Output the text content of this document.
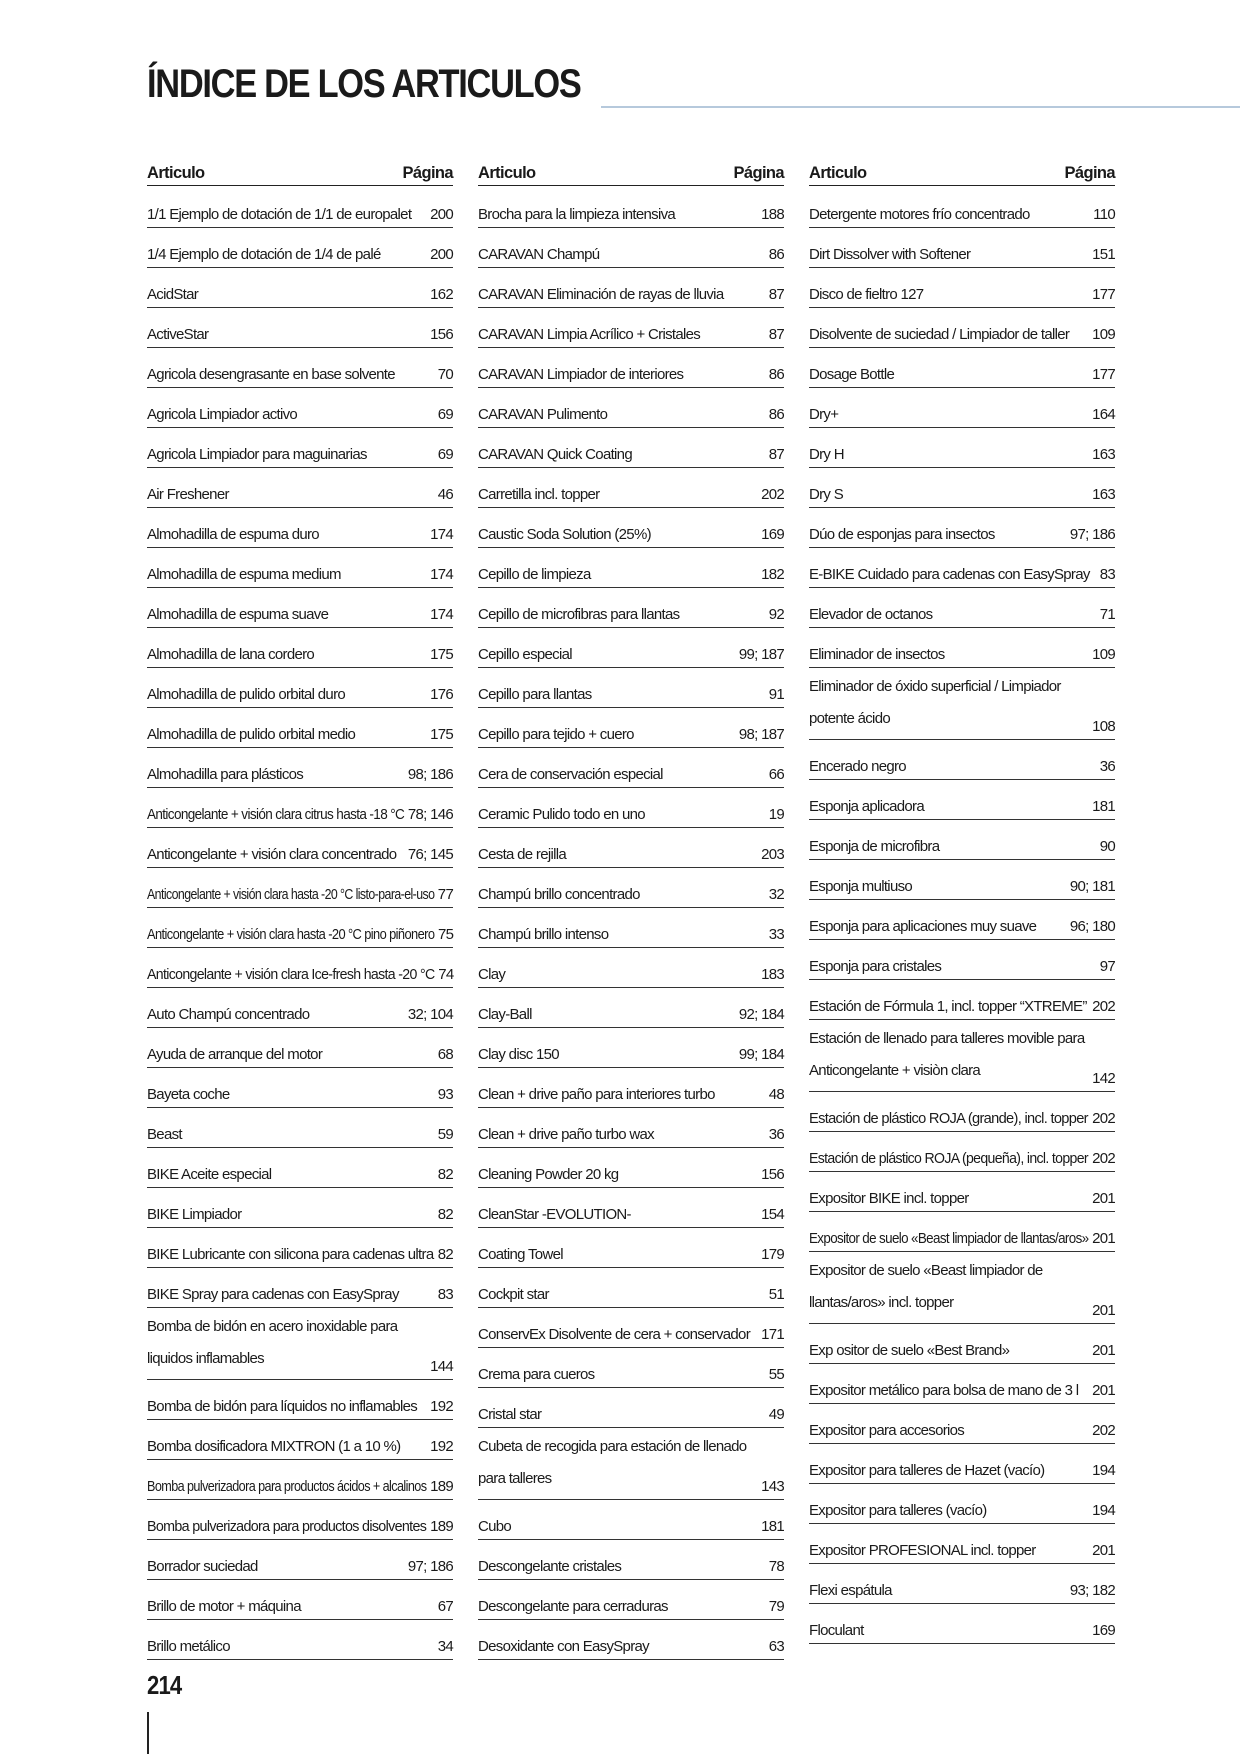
ÍNDICE DE LOS ARTICULOS
Articulo	Página
1/1 Ejemplo de dotación de 1/1 de europalet 200
1/4 Ejemplo de dotación de 1/4 de palé	200
AcidStar	162
ActiveStar	156
Agricola desengrasante en base solvente	70
Agricola Limpiador activo	69
Agricola Limpiador para maguinarias	69
Air Freshener	46
Almohadilla de espuma duro	174
Almohadilla de espuma medium	174
Almohadilla de espuma suave	174
Almohadilla de lana cordero	175
Almohadilla de pulido orbital duro	176
Almohadilla de pulido orbital medio	175
Almohadilla para plásticos	98; 186
Anticongelante + visión clara citrus hasta -18 °C 78; 146
Anticongelante + visión clara concentrado 76; 145
Anticongelante + visión clara hasta -20 °C listo-para-el-uso 77
Anticongelante + visión clara hasta -20 °C pino piñonero 75
Anticongelante + visión clara Ice-fresh hasta -20 °C 74
Auto Champú concentrado	32; 104
Ayuda de arranque del motor	68
Bayeta coche	93
Beast	59
BIKE Aceite especial	82
BIKE Limpiador	82
BIKE Lubricante con silicona para cadenas ultra 82
BIKE Spray para cadenas con EasySpray	83
Bomba de bidón en acero inoxidable para liquidos inflamables	144
Bomba de bidón para líquidos no inflamables 192
Bomba dosificadora MIXTRON (1 a 10 %) 192
Bomba pulverizadora para productos ácidos + alcalinos 189
Bomba pulverizadora para productos disolventes 189
Borrador suciedad	97; 186
Brillo de motor + máquina	67
Brillo metálico	34
Articulo	Página
Brocha para la limpieza intensiva	188
CARAVAN Champú	86
CARAVAN Eliminación de rayas de lluvia	87
CARAVAN Limpia Acrílico + Cristales	87
CARAVAN Limpiador de interiores	86
CARAVAN Pulimento	86
CARAVAN Quick Coating	87
Carretilla incl. topper	202
Caustic Soda Solution (25%)	169
Cepillo de limpieza	182
Cepillo de microfibras para llantas	92
Cepillo especial	99; 187
Cepillo para llantas	91
Cepillo para tejido + cuero	98; 187
Cera de conservación especial	66
Ceramic Pulido todo en uno	19
Cesta de rejilla	203
Champú brillo concentrado	32
Champú brillo intenso	33
Clay	183
Clay-Ball	92; 184
Clay disc 150	99; 184
Clean + drive paño para interiores turbo	48
Clean + drive paño turbo wax	36
Cleaning Powder 20 kg	156
CleanStar -EVOLUTION-	154
Coating Towel	179
Cockpit star	51
ConservEx Disolvente de cera + conservador 171
Crema para cueros	55
Cristal star	49
Cubeta de recogida para estación de llenado para talleres	143
Cubo	181
Descongelante cristales	78
Descongelante para cerraduras	79
Desoxidante con EasySpray	63
Articulo	Página
Detergente motores frío concentrado	110
Dirt Dissolver with Softener	151
Disco de fieltro 127	177
Disolvente de suciedad / Limpiador de taller 109
Dosage Bottle	177
Dry+	164
Dry H	163
Dry S	163
Dúo de esponjas para insectos	97; 186
E-BIKE Cuidado para cadenas con EasySpray 83
Elevador de octanos	71
Eliminador de insectos	109
Eliminador de óxido superficial / Limpiador potente ácido	108
Encerado negro	36
Esponja aplicadora	181
Esponja de microfibra	90
Esponja multiuso	90; 181
Esponja para aplicaciones muy suave 96; 180
Esponja para cristales	97
Estación de Fórmula 1, incl. topper “XTREME” 202
Estación de llenado para talleres movible para Anticongelante + visiòn clara	142
Estación de plástico ROJA (grande), incl. topper 202
Estación de plástico ROJA (pequeña), incl. topper 202
Expositor BIKE incl. topper	201
Expositor de suelo «Beast limpiador de llantas/aros» 201
Expositor de suelo «Beast limpiador de llantas/aros» incl. topper	201
Exp ositor de suelo «Best Brand»	201
Expositor metálico para bolsa de mano de 3 l 201
Expositor para accesorios	202
Expositor para talleres de Hazet (vacío)	194
Expositor para talleres (vacío)	194
Expositor PROFESIONAL incl. topper	201
Flexi espátula	93; 182
Floculant	169
214
